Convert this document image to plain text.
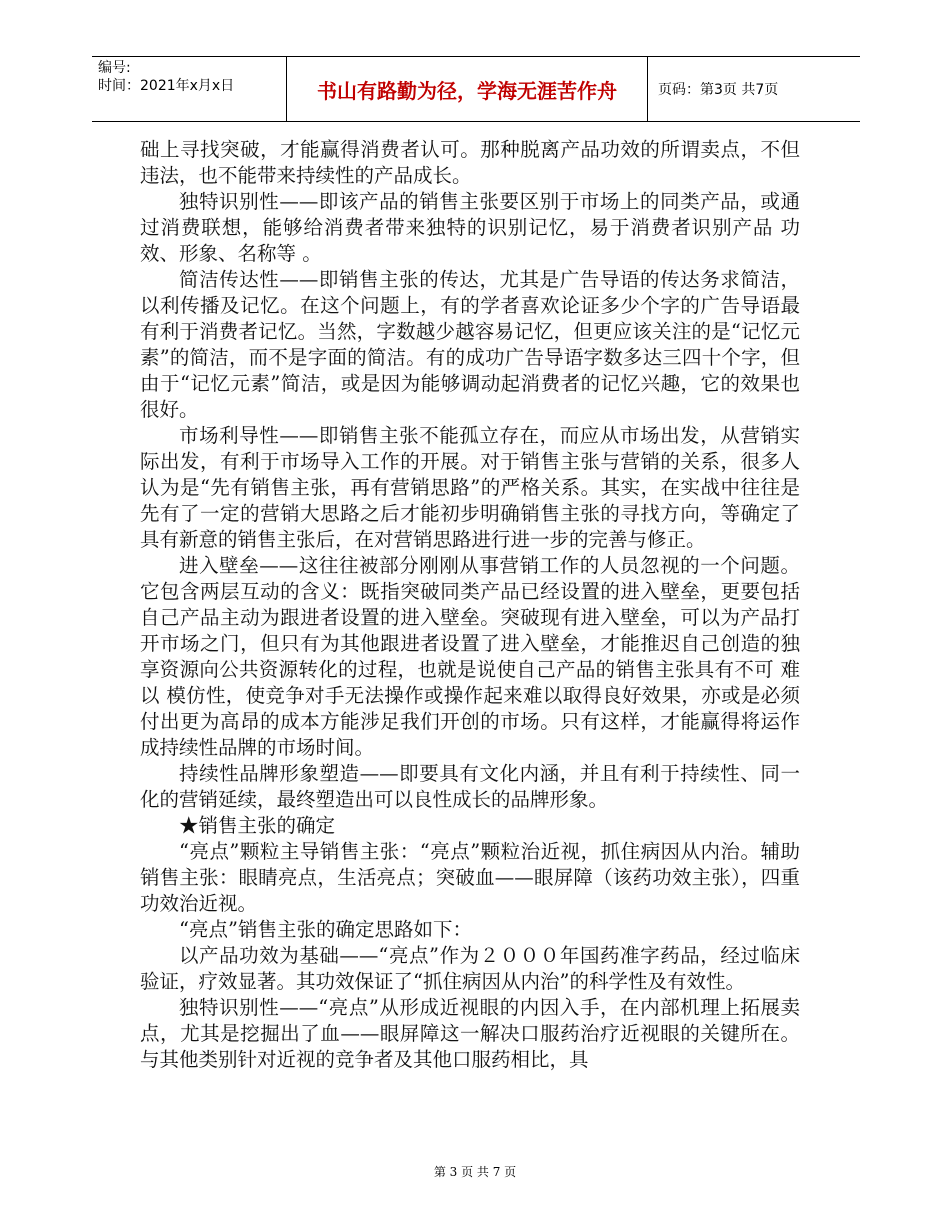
编号:
时间：2021年x月x日	书山有路勤为径，学海无涯苦作舟	页码：第3页 共7页

础上寻找突破，才能赢得消费者认可。那种脱离产品功效的所谓卖点，不但违法，也不能带来持续性的产品成长。

独特识别性——即该产品的销售主张要区别于市场上的同类产品，或通过消费联想，能够给消费者带来独特的识别记忆，易于消费者识别产品 功效、形象、名称等 。

简洁传达性——即销售主张的传达，尤其是广告导语的传达务求简洁，以利传播及记忆。在这个问题上，有的学者喜欢论证多少个字的广告导语最有利于消费者记忆。当然，字数越少越容易记忆，但更应该关注的是“记忆元素”的简洁，而不是字面的简洁。有的成功广告导语字数多达三四十个字，但由于“记忆元素”简洁，或是因为能够调动起消费者的记忆兴趣，它的效果也很好。

市场利导性——即销售主张不能孤立存在，而应从市场出发，从营销实际出发，有利于市场导入工作的开展。对于销售主张与营销的关系，很多人认为是“先有销售主张，再有营销思路”的严格关系。其实，在实战中往往是先有了一定的营销大思路之后才能初步明确销售主张的寻找方向，等确定了具有新意的销售主张后，在对营销思路进行进一步的完善与修正。

进入壁垒——这往往被部分刚刚从事营销工作的人员忽视的一个问题。它包含两层互动的含义：既指突破同类产品已经设置的进入壁垒，更要包括自己产品主动为跟进者设置的进入壁垒。突破现有进入壁垒，可以为产品打开市场之门，但只有为其他跟进者设置了进入壁垒，才能推迟自己创造的独享资源向公共资源转化的过程，也就是说使自己产品的销售主张具有不可 难以 模仿性，使竞争对手无法操作或操作起来难以取得良好效果，亦或是必须付出更为高昂的成本方能涉足我们开创的市场。只有这样，才能赢得将运作成持续性品牌的市场时间。

持续性品牌形象塑造——即要具有文化内涵，并且有利于持续性、同一化的营销延续，最终塑造出可以良性成长的品牌形象。

★销售主张的确定

“亮点”颗粒主导销售主张：“亮点”颗粒治近视，抓住病因从内治。辅助销售主张：眼睛亮点，生活亮点；突破血——眼屏障（该药功效主张），四重功效治近视。

“亮点”销售主张的确定思路如下：

以产品功效为基础——“亮点”作为２０００年国药准字药品，经过临床验证，疗效显著。其功效保证了“抓住病因从内治”的科学性及有效性。

独特识别性——“亮点”从形成近视眼的内因入手，在内部机理上拓展卖点，尤其是挖掘出了血——眼屏障这一解决口服药治疗近视眼的关键所在。与其他类别针对近视的竞争者及其他口服药相比，具

第 3 页 共 7 页
